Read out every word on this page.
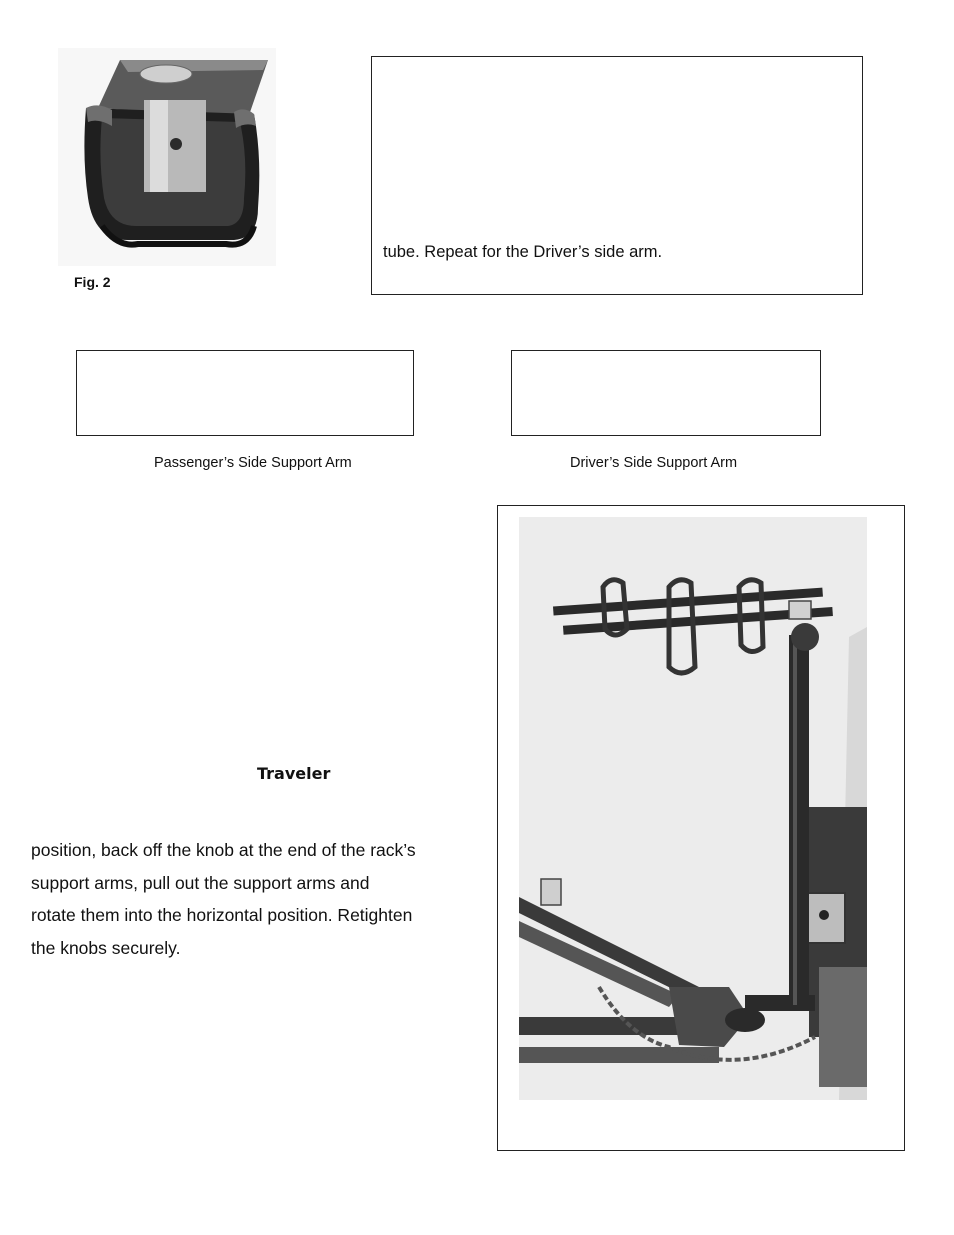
Fig. 2
tube. Repeat for the Driver’s side arm.
Passenger’s Side Support Arm	Driver’s Side Support Arm
Traveler
position, back off the knob at the end of the rack’s
support arms, pull out the support arms and
rotate them into the horizontal position. Retighten
the knobs securely.
